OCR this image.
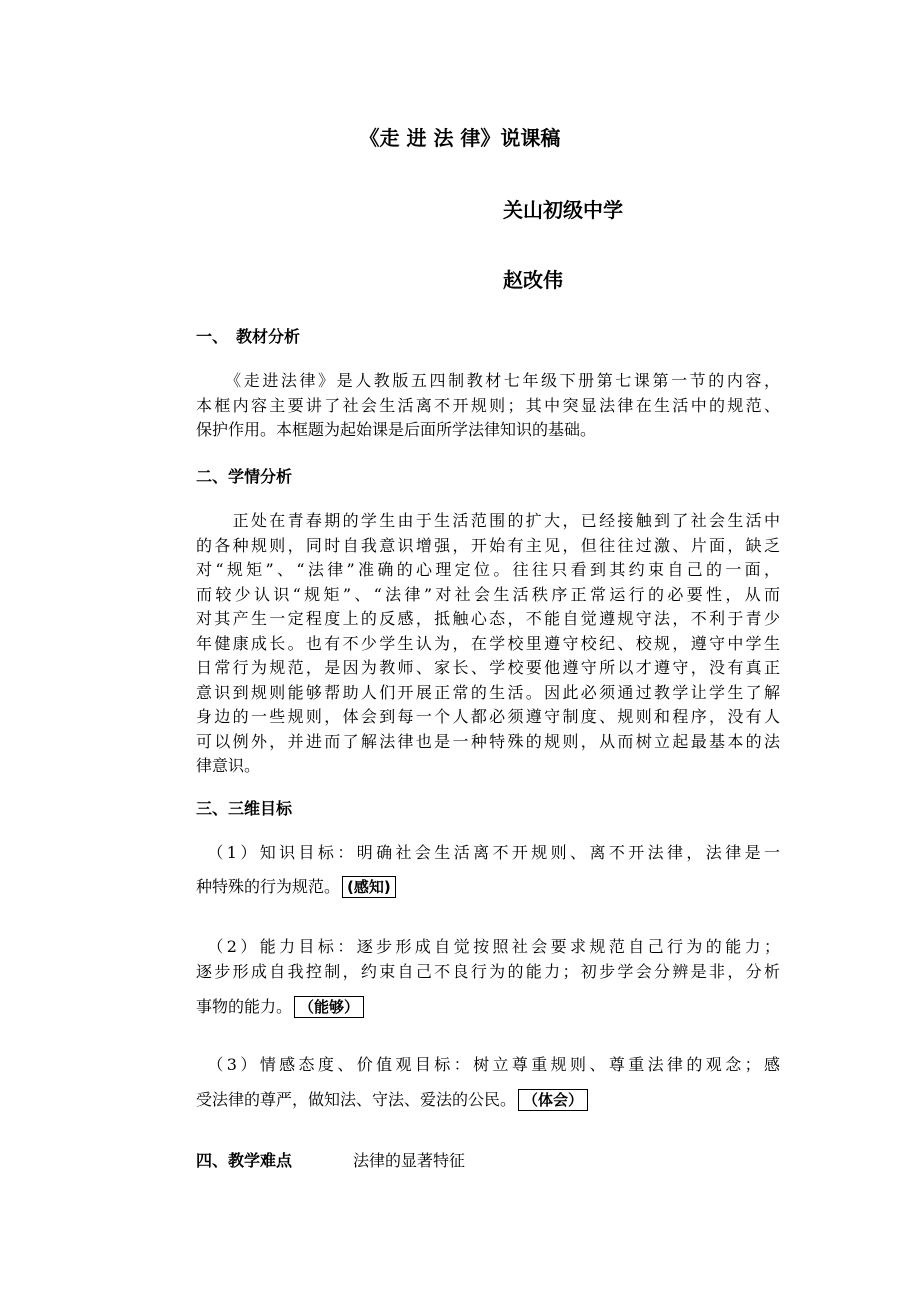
《走 进 法 律》说课稿
关山初级中学
赵改伟
一、　教材分析
　　《走进法律》是人教版五四制教材七年级下册第七课第一节的内容，
本框内容主要讲了社会生活离不开规则；其中突显法律在生活中的规范、
保护作用。本框题为起始课是后面所学法律知识的基础。
二、学情分析
　　正处在青春期的学生由于生活范围的扩大，已经接触到了社会生活中
的各种规则，同时自我意识增强，开始有主见，但往往过激、片面，缺乏
对“规矩”、“法律”准确的心理定位。往往只看到其约束自己的一面，
而较少认识“规矩”、“法律”对社会生活秩序正常运行的必要性，从而
对其产生一定程度上的反感，抵触心态，不能自觉遵规守法，不利于青少
年健康成长。也有不少学生认为，在学校里遵守校纪、校规，遵守中学生
日常行为规范，是因为教师、家长、学校要他遵守所以才遵守，没有真正
意识到规则能够帮助人们开展正常的生活。因此必须通过教学让学生了解
身边的一些规则，体会到每一个人都必须遵守制度、规则和程序，没有人
可以例外，并进而了解法律也是一种特殊的规则，从而树立起最基本的法
律意识。
三、三维目标
　（1）知识目标：明确社会生活离不开规则、离不开法律，法律是一
种特殊的行为规范。 (感知)
　（2）能力目标：逐步形成自觉按照社会要求规范自己行为的能力；
逐步形成自我控制，约束自己不良行为的能力；初步学会分辨是非，分析
事物的能力。 （能够）
　（3）情感态度、价值观目标：树立尊重规则、尊重法律的观念；感
受法律的尊严，做知法、守法、爱法的公民。 （体会）
四、教学难点	法律的显著特征
